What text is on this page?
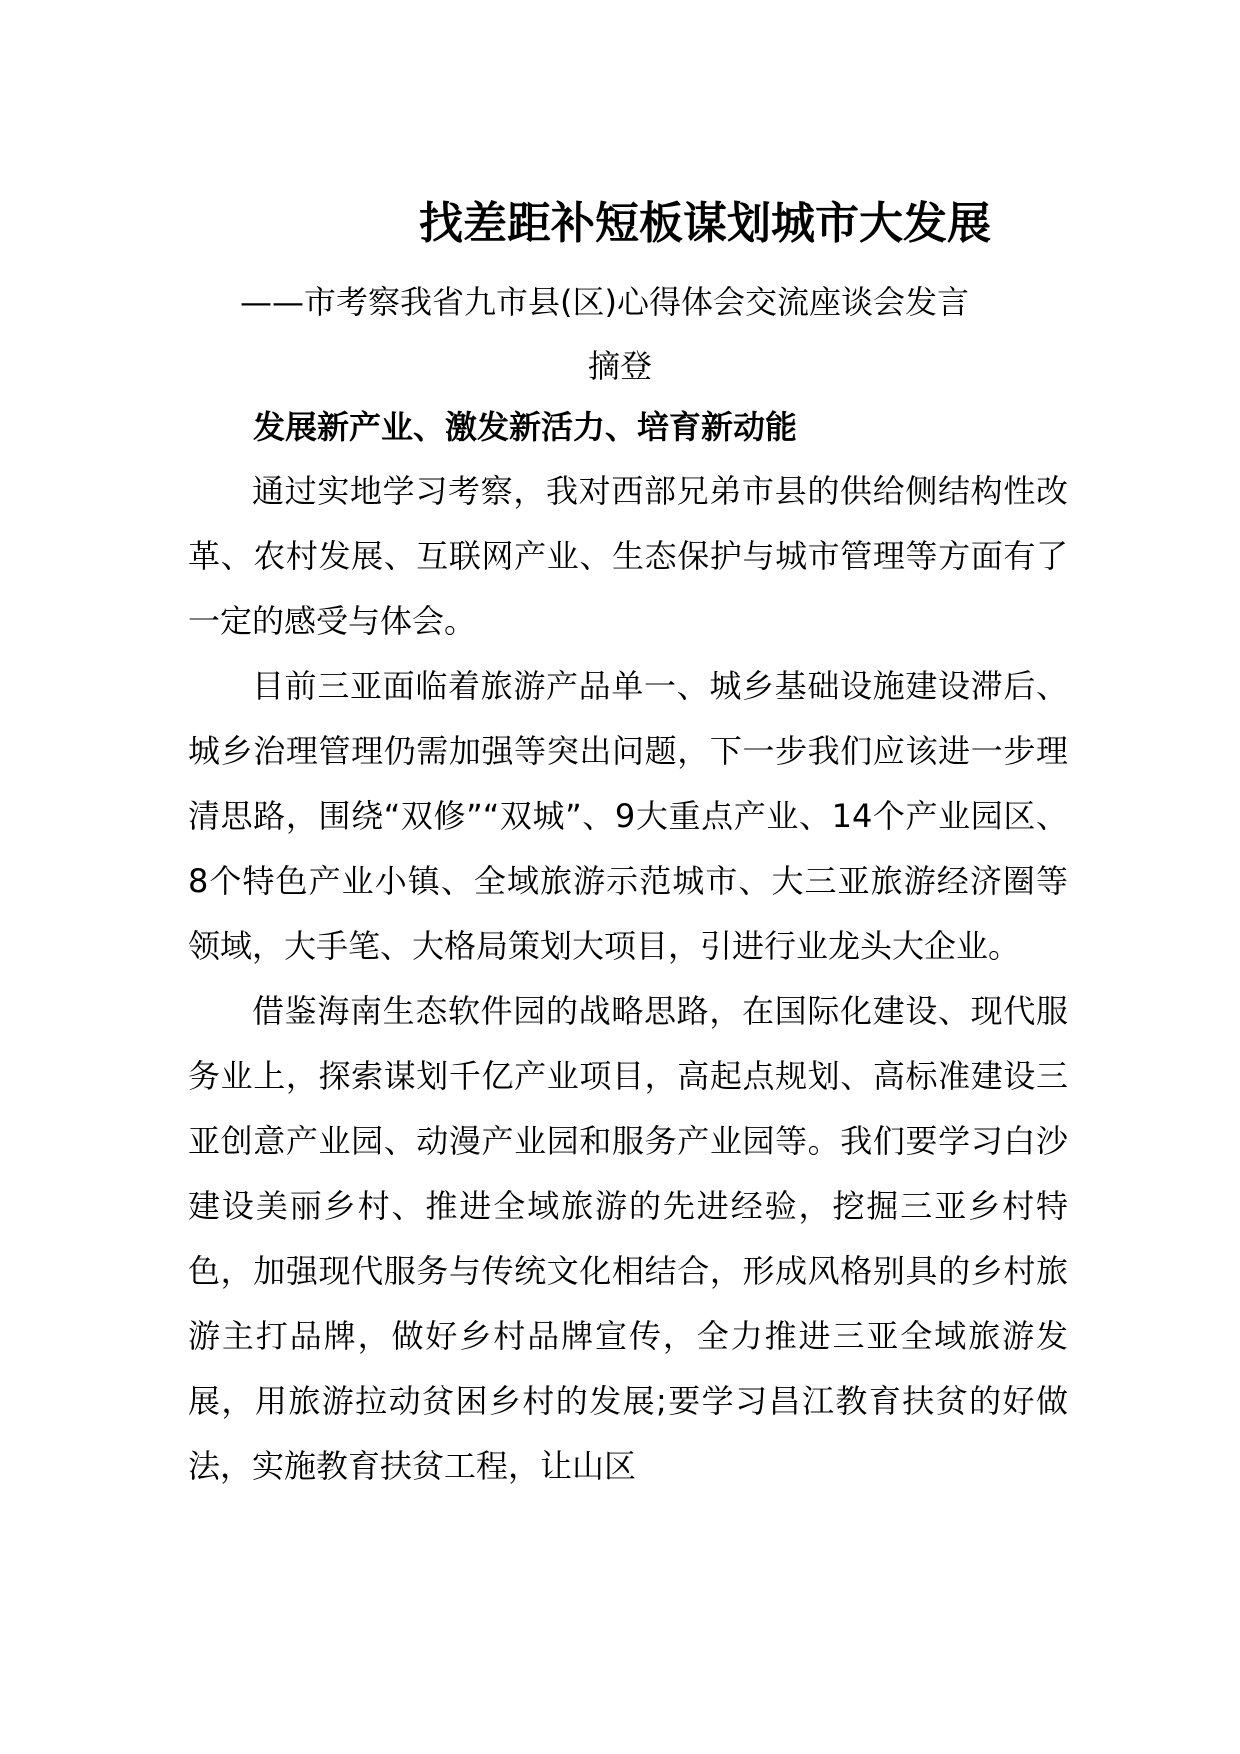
找差距补短板谋划城市大发展
——市考察我省九市县(区)心得体会交流座谈会发言
摘登
发展新产业、激发新活力、培育新动能

通过实地学习考察，我对西部兄弟市县的供给侧结构性改革、农村发展、互联网产业、生态保护与城市管理等方面有了一定的感受与体会。

目前三亚面临着旅游产品单一、城乡基础设施建设滞后、城乡治理管理仍需加强等突出问题，下一步我们应该进一步理清思路，围绕“双修”“双城”、9大重点产业、14个产业园区、8个特色产业小镇、全域旅游示范城市、大三亚旅游经济圈等领域，大手笔、大格局策划大项目，引进行业龙头大企业。

借鉴海南生态软件园的战略思路，在国际化建设、现代服务业上，探索谋划千亿产业项目，高起点规划、高标准建设三亚创意产业园、动漫产业园和服务产业园等。我们要学习白沙建设美丽乡村、推进全域旅游的先进经验，挖掘三亚乡村特色，加强现代服务与传统文化相结合，形成风格别具的乡村旅游主打品牌，做好乡村品牌宣传，全力推进三亚全域旅游发展，用旅游拉动贫困乡村的发展;要学习昌江教育扶贫的好做法，实施教育扶贫工程，让山区
